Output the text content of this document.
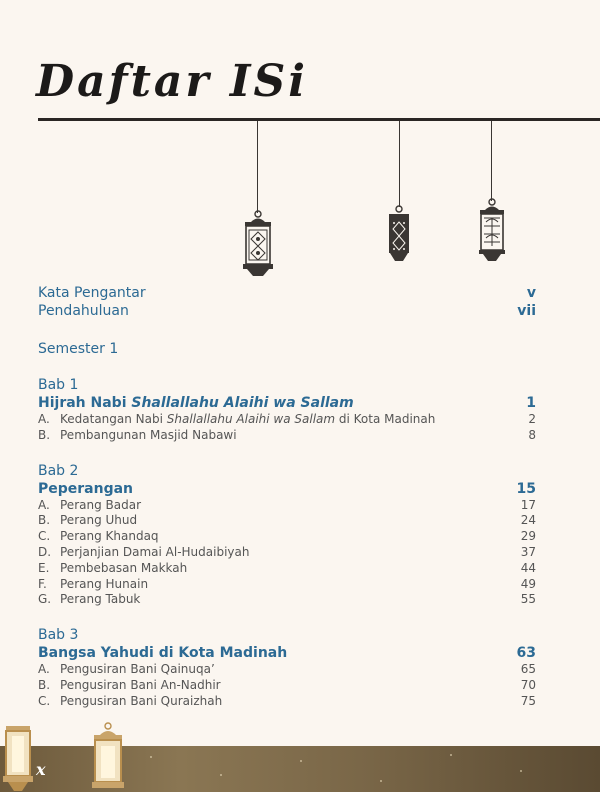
Daftar ISi
Kata Pengantar	v
Pendahuluan	vii
Semester 1
Bab 1
Hijrah Nabi Shallallahu Alaihi wa Sallam	1
A. Kedatangan Nabi Shallallahu Alaihi wa Sallam di Kota Madinah	2
B. Pembangunan Masjid Nabawi	8
Bab 2
Peperangan	15
A. Perang Badar	17
B. Perang Uhud	24
C. Perang Khandaq	29
D. Perjanjian Damai Al-Hudaibiyah	37
E. Pembebasan Makkah	44
F. Perang Hunain	49
G. Perang Tabuk	55
Bab 3
Bangsa Yahudi di Kota Madinah	63
A. Pengusiran Bani Qainuqa’	65
B. Pengusiran Bani An-Nadhir	70
C. Pengusiran Bani Quraizhah	75
x
